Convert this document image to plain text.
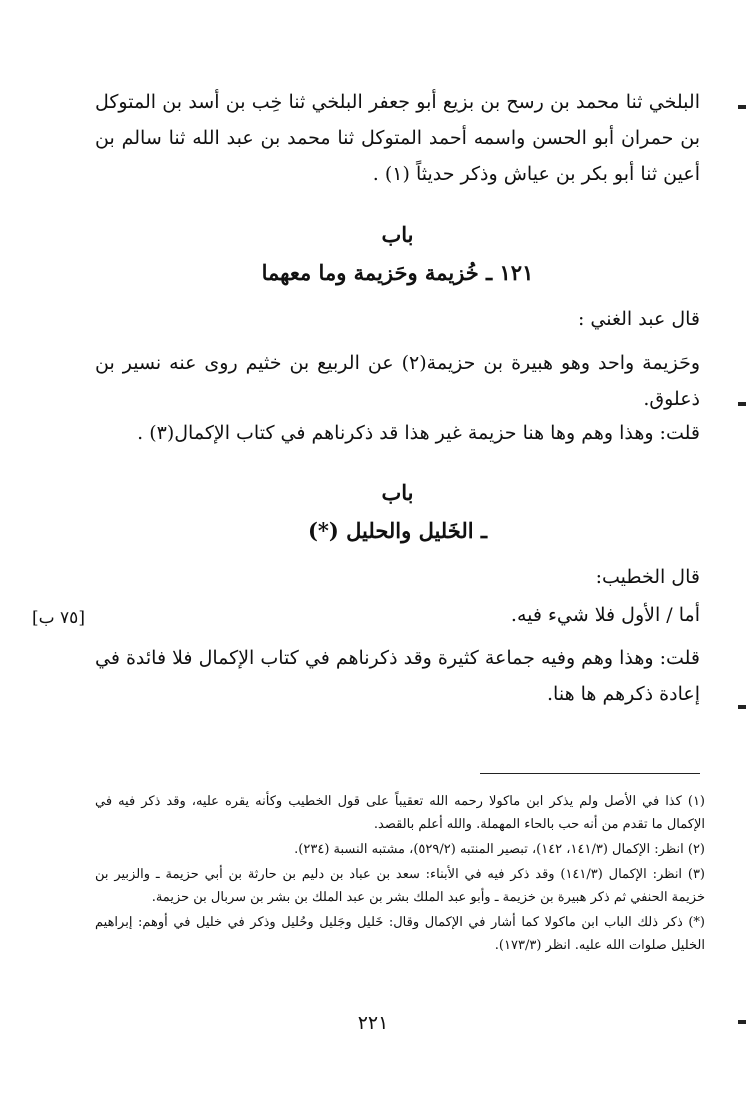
البلخي ثنا محمد بن رسح بن بزيع أبو جعفر البلخي ثنا خِب بن أسد بن المتوكل بن حمران أبو الحسن واسمه أحمد المتوكل ثنا محمد بن عبد الله ثنا سالم بن أعين ثنا أبو بكر بن عياش وذكر حديثاً (١) .
باب
١٢١ ـ خُزيمة وحَزيمة وما معهما
قال عبد الغني :
وحَزيمة واحد وهو هبيرة بن حزيمة(٢) عن الربيع بن خثيم روى عنه نسير بن ذعلوق.
قلت: وهذا وهم وها هنا حزيمة غير هذا قد ذكرناهم في كتاب الإكمال(٣) .
باب
ـ الخَليل والحليل (*)
قال الخطيب:
أما / الأول فلا شيء فيه.
[٧٥ ب]
قلت: وهذا وهم وفيه جماعة كثيرة وقد ذكرناهم في كتاب الإكمال فلا فائدة في إعادة ذكرهم ها هنا.
(١) كذا في الأصل ولم يذكر ابن ماكولا رحمه الله تعقيباً على قول الخطيب وكأنه يقره عليه، وقد ذكر فيه في الإكمال ما تقدم من أنه حب بالحاء المهملة. والله أعلم بالقصد.
(٢) انظر: الإكمال (١٤١/٣، ١٤٢)، تبصير المنتبه (٥٢٩/٢)، مشتبه النسبة (٢٣٤).
(٣) انظر: الإكمال (١٤١/٣) وقد ذكر فيه في الأبناء: سعد بن عباد بن دليم بن حارثة بن أبي حزيمة ـ والزبير بن خزيمة الحنفي ثم ذكر هبيرة بن خزيمة ـ وأبو عبد الملك بشر بن عبد الملك بن بشر بن سربال بن حزيمة.
(*) ذكر ذلك الباب ابن ماكولا كما أشار في الإكمال وقال: خَليل وجَليل وحُليل وذكر في خليل في أوهم: إبراهيم الخليل صلوات الله عليه. انظر (١٧٣/٣).
٢٢١
